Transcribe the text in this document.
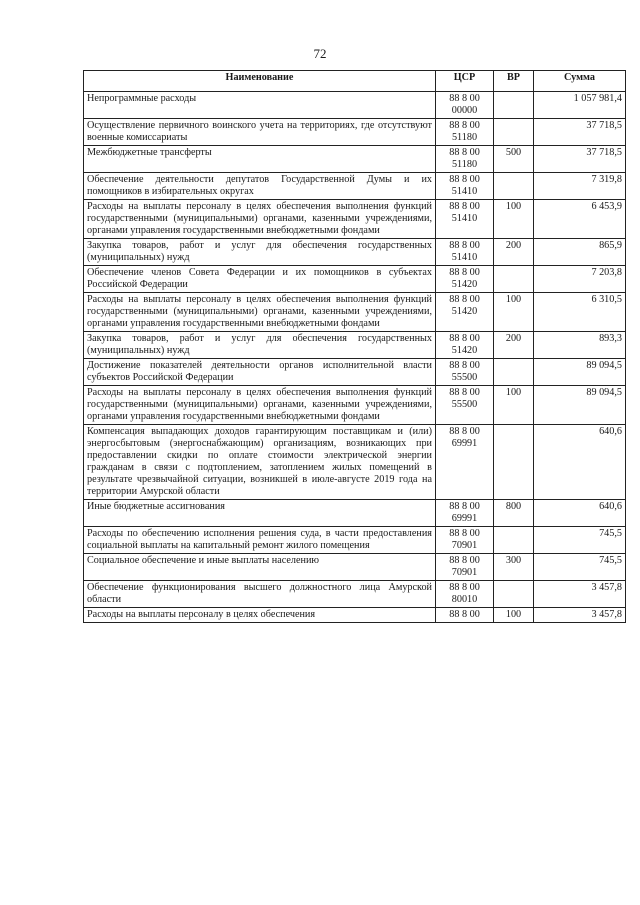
72
Наименование	ЦСР	ВР	Сумма
Непрограммные расходы	88 8 00 00000		1 057 981,4
Осуществление первичного воинского учета на территориях, где отсутствуют военные комиссариаты	88 8 00 51180		37 718,5
Межбюджетные трансферты	88 8 00 51180	500	37 718,5
Обеспечение деятельности депутатов Государственной Думы и их помощников в избирательных округах	88 8 00 51410		7 319,8
Расходы на выплаты персоналу в целях обеспечения выполнения функций государственными (муниципальными) органами, казенными учреждениями, органами управления государственными внебюджетными фондами	88 8 00 51410	100	6 453,9
Закупка товаров, работ и услуг для обеспечения государственных (муниципальных) нужд	88 8 00 51410	200	865,9
Обеспечение членов Совета Федерации и их помощников в субъектах Российской Федерации	88 8 00 51420		7 203,8
Расходы на выплаты персоналу в целях обеспечения выполнения функций государственными (муниципальными) органами, казенными учреждениями, органами управления государственными внебюджетными фондами	88 8 00 51420	100	6 310,5
Закупка товаров, работ и услуг для обеспечения государственных (муниципальных) нужд	88 8 00 51420	200	893,3
Достижение показателей деятельности органов исполнительной власти субъектов Российской Федерации	88 8 00 55500		89 094,5
Расходы на выплаты персоналу в целях обеспечения выполнения функций государственными (муниципальными) органами, казенными учреждениями, органами управления государственными внебюджетными фондами	88 8 00 55500	100	89 094,5
Компенсация выпадающих доходов гарантирующим поставщикам и (или) энергосбытовым (энергоснабжающим) организациям, возникающих при предоставлении скидки по оплате стоимости электрической энергии гражданам в связи с подтоплением, затоплением жилых помещений в результате чрезвычайной ситуации, возникшей в июле-августе 2019 года на территории Амурской области	88 8 00 69991		640,6
Иные бюджетные ассигнования	88 8 00 69991	800	640,6
Расходы по обеспечению исполнения решения суда, в части предоставления социальной выплаты на капитальный ремонт жилого помещения	88 8 00 70901		745,5
Социальное обеспечение и иные выплаты населению	88 8 00 70901	300	745,5
Обеспечение функционирования высшего должностного лица Амурской области	88 8 00 80010		3 457,8
Расходы на выплаты персоналу в целях обеспечения	88 8 00	100	3 457,8
